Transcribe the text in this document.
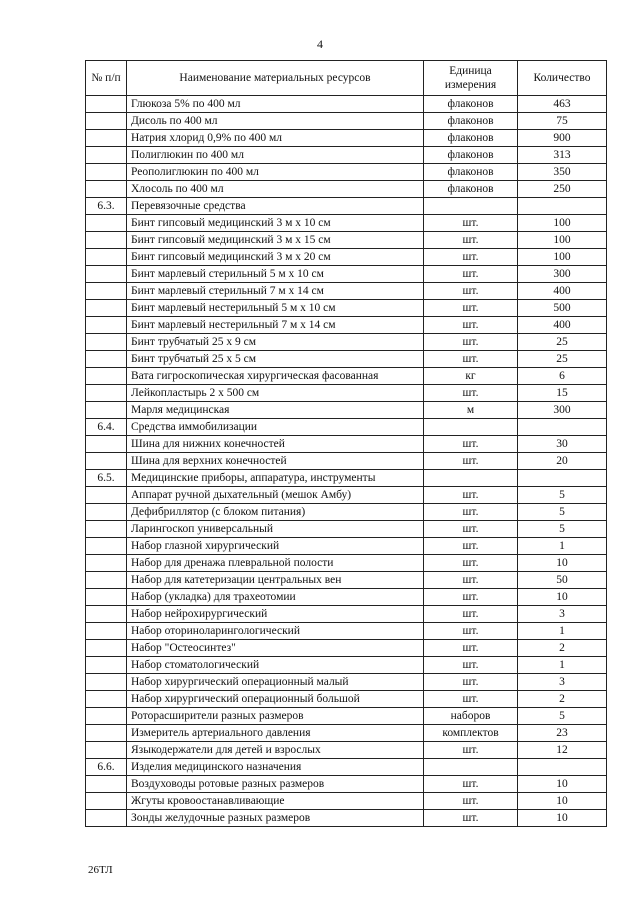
4
№ п/п	Наименование материальных ресурсов	Единица измерения	Количество
	Глюкоза 5% по 400 мл	флаконов	463
	Дисоль по 400 мл	флаконов	75
	Натрия хлорид 0,9% по 400 мл	флаконов	900
	Полиглюкин по 400 мл	флаконов	313
	Реополиглюкин по 400 мл	флаконов	350
	Хлосоль по 400 мл	флаконов	250
6.3.	Перевязочные средства		
	Бинт гипсовый медицинский 3 м х 10 см	шт.	100
	Бинт гипсовый медицинский 3 м х 15 см	шт.	100
	Бинт гипсовый медицинский 3 м х 20 см	шт.	100
	Бинт марлевый стерильный 5 м х 10 см	шт.	300
	Бинт марлевый стерильный 7 м х 14 см	шт.	400
	Бинт марлевый нестерильный 5 м х 10 см	шт.	500
	Бинт марлевый нестерильный 7 м х 14 см	шт.	400
	Бинт трубчатый 25 х 9 см	шт.	25
	Бинт трубчатый 25 х 5 см	шт.	25
	Вата гигроскопическая хирургическая фасованная	кг	6
	Лейкопластырь 2 х 500 см	шт.	15
	Марля медицинская	м	300
6.4.	Средства иммобилизации		
	Шина для нижних конечностей	шт.	30
	Шина для верхних конечностей	шт.	20
6.5.	Медицинские приборы, аппаратура, инструменты		
	Аппарат ручной дыхательный (мешок Амбу)	шт.	5
	Дефибриллятор (с блоком питания)	шт.	5
	Ларингоскоп универсальный	шт.	5
	Набор глазной хирургический	шт.	1
	Набор для дренажа плевральной полости	шт.	10
	Набор для катетеризации центральных вен	шт.	50
	Набор (укладка) для трахеотомии	шт.	10
	Набор нейрохирургический	шт.	3
	Набор оториноларингологический	шт.	1
	Набор "Остеосинтез"	шт.	2
	Набор стоматологический	шт.	1
	Набор хирургический операционный малый	шт.	3
	Набор хирургический операционный большой	шт.	2
	Роторасширители разных размеров	наборов	5
	Измеритель артериального давления	комплектов	23
	Языкодержатели для детей и взрослых	шт.	12
6.6.	Изделия медицинского назначения		
	Воздуховоды ротовые разных размеров	шт.	10
	Жгуты кровоостанавливающие	шт.	10
	Зонды желудочные разных размеров	шт.	10
26ТЛ
